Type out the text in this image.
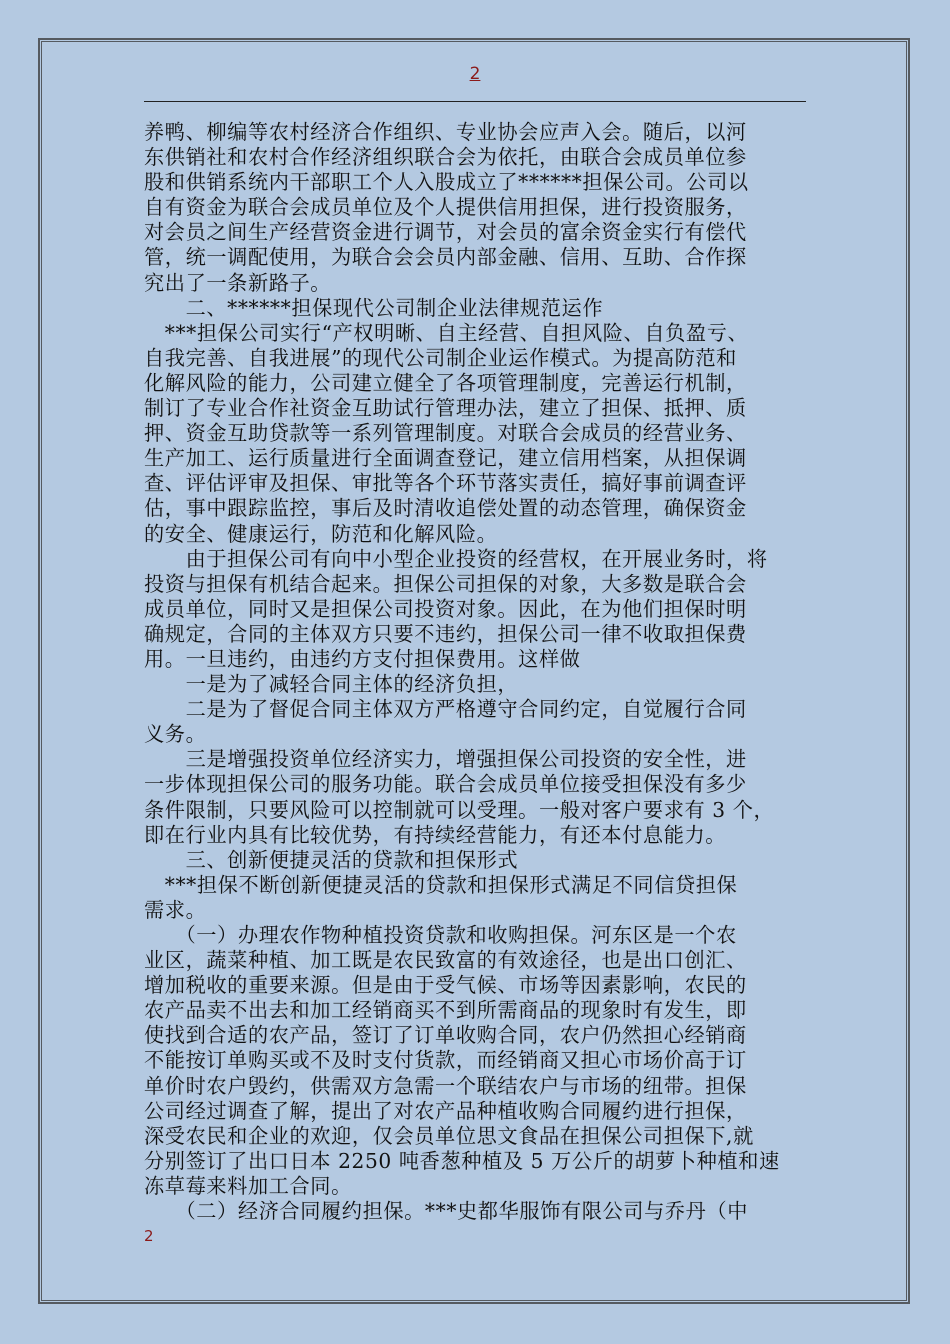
2
养鸭、柳编等农村经济合作组织、专业协会应声入会。随后，以河
东供销社和农村合作经济组织联合会为依托，由联合会成员单位参
股和供销系统内干部职工个人入股成立了******担保公司。公司以
自有资金为联合会成员单位及个人提供信用担保，进行投资服务，
对会员之间生产经营资金进行调节，对会员的富余资金实行有偿代
管，统一调配使用，为联合会会员内部金融、信用、互助、合作探
究出了一条新路子。
　　二、******担保现代公司制企业法律规范运作
　***担保公司实行“产权明晰、自主经营、自担风险、自负盈亏、
自我完善、自我进展”的现代公司制企业运作模式。为提高防范和
化解风险的能力，公司建立健全了各项管理制度，完善运行机制，
制订了专业合作社资金互助试行管理办法，建立了担保、抵押、质
押、资金互助贷款等一系列管理制度。对联合会成员的经营业务、
生产加工、运行质量进行全面调查登记，建立信用档案，从担保调
查、评估评审及担保、审批等各个环节落实责任，搞好事前调查评
估，事中跟踪监控，事后及时清收追偿处置的动态管理，确保资金
的安全、健康运行，防范和化解风险。
　　由于担保公司有向中小型企业投资的经营权，在开展业务时，将
投资与担保有机结合起来。担保公司担保的对象，大多数是联合会
成员单位，同时又是担保公司投资对象。因此，在为他们担保时明
确规定，合同的主体双方只要不违约，担保公司一律不收取担保费
用。一旦违约，由违约方支付担保费用。这样做
　　一是为了减轻合同主体的经济负担，
　　二是为了督促合同主体双方严格遵守合同约定，自觉履行合同
义务。
　　三是增强投资单位经济实力，增强担保公司投资的安全性，进
一步体现担保公司的服务功能。联合会成员单位接受担保没有多少
条件限制，只要风险可以控制就可以受理。一般对客户要求有 3 个，
即在行业内具有比较优势，有持续经营能力，有还本付息能力。
　　三、创新便捷灵活的贷款和担保形式
　***担保不断创新便捷灵活的贷款和担保形式满足不同信贷担保
需求。
　　（一）办理农作物种植投资贷款和收购担保。河东区是一个农
业区，蔬菜种植、加工既是农民致富的有效途径，也是出口创汇、
增加税收的重要来源。但是由于受气候、市场等因素影响，农民的
农产品卖不出去和加工经销商买不到所需商品的现象时有发生，即
使找到合适的农产品，签订了订单收购合同，农户仍然担心经销商
不能按订单购买或不及时支付货款，而经销商又担心市场价高于订
单价时农户毁约，供需双方急需一个联结农户与市场的纽带。担保
公司经过调查了解，提出了对农产品种植收购合同履约进行担保，
深受农民和企业的欢迎，仅会员单位思文食品在担保公司担保下,就
分别签订了出口日本 2250 吨香葱种植及 5 万公斤的胡萝卜种植和速
冻草莓来料加工合同。
　　（二）经济合同履约担保。***史都华服饰有限公司与乔丹（中
2
